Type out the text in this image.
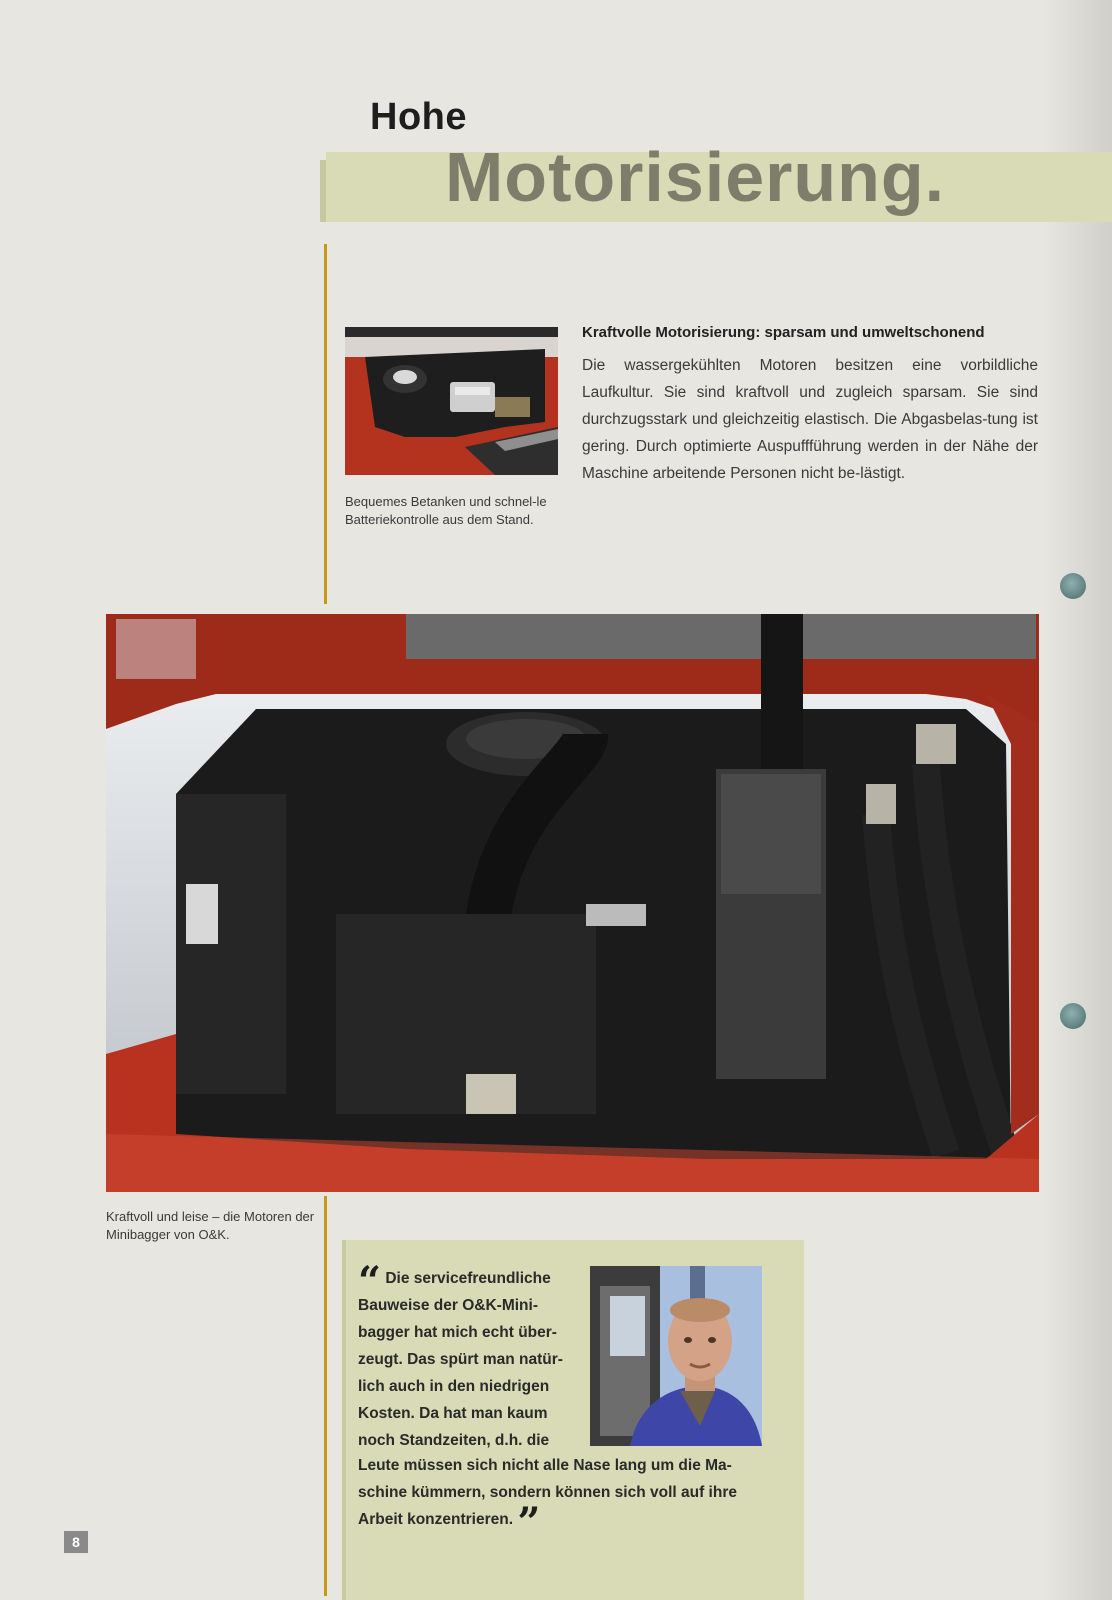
Hohe
Motorisierung.

Bequemes Betanken und schnel-le Batteriekontrolle aus dem Stand.

Kraftvolle Motorisierung: sparsam und umweltschonend

Die wassergekühlten Motoren besitzen eine vorbildliche Laufkultur. Sie sind kraftvoll und zugleich sparsam. Sie sind durchzugsstark und gleichzeitig elastisch. Die Abgasbelas-tung ist gering. Durch optimierte Auspuffführung werden in der Nähe der Maschine arbeitende Personen nicht be-lästigt.

Kraftvoll und leise – die Motoren der Minibagger von O&K.

“ Die servicefreundliche Bauweise der O&K-Mini-bagger hat mich echt über-zeugt. Das spürt man natür-lich auch in den niedrigen Kosten. Da hat man kaum noch Standzeiten, d.h. die

Leute müssen sich nicht alle Nase lang um die Ma-schine kümmern, sondern können sich voll auf ihre Arbeit konzentrieren. ”

8
